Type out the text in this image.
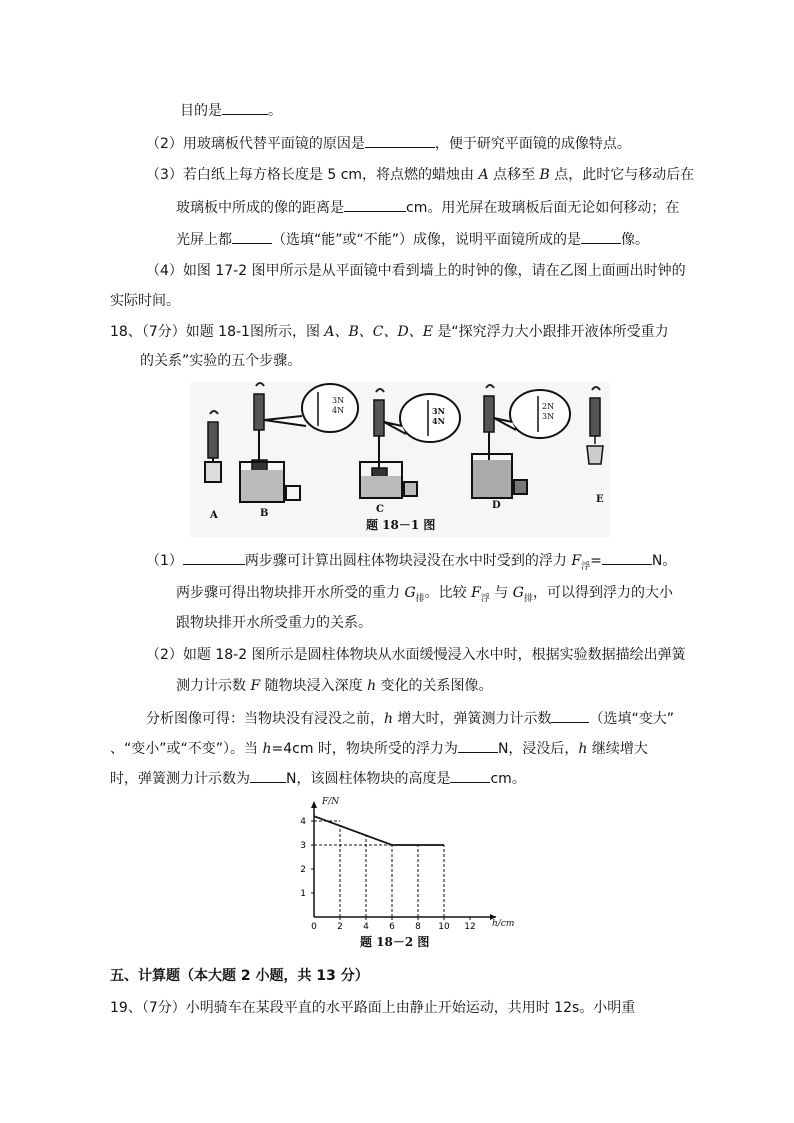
目的是	。
（2）用玻璃板代替平面镜的原因是	，便于研究平面镜的成像特点。
（3）若白纸上每方格长度是 5 cm，将点燃的蜡烛由 A 点移至 B 点，此时它与移动后在
玻璃板中所成的像的距离是	cm。用光屏在玻璃板后面无论如何移动；在
光屏上都	（选填“能”或“不能”）成像，说明平面镜所成的是	像。
（4）如图 17-2 图甲所示是从平面镜中看到墙上的时钟的像，请在乙图上面画出时钟的
实际时间。
18、（7分）如题 18-1图所示，图 A、B、C、D、E 是“探究浮力大小跟排开液体所受重力
的关系”实验的五个步骤。
3N
4N	3N
4N
2N
3N
A	B	C	D
E
题 18－1 图
（1）	两步骤可计算出圆柱体物块浸没在水中时受到的浮力 $F_浮=$	N。
两步骤可得出物块排开水所受的重力 $G_排$。比较 $F_浮$ 与 $G_排$，可以得到浮力的大小
跟物块排开水所受重力的关系。
（2）如题 18-2 图所示是圆柱体物块从水面缓慢浸入水中时，根据实验数据描绘出弹簧
测力计示数 F 随物块浸入深度 h 变化的关系图像。
分析图像可得：当物块没有浸没之前，h 增大时，弹簧测力计示数	（选填“变大”
、“变小”或“不变”）。当 h=4cm 时，物块所受的浮力为	N，浸没后，h 继续增大
时，弹簧测力计示数为	N，该圆柱体物块的高度是	cm。
1
2
3
4
0 2 4 6 8 10 12
F/N
h/cm
题 18－2 图
五、计算题（本大题 2 小题，共 13 分）
19、（7分）小明骑车在某段平直的水平路面上由静止开始运动，共用时 12s。小明重
